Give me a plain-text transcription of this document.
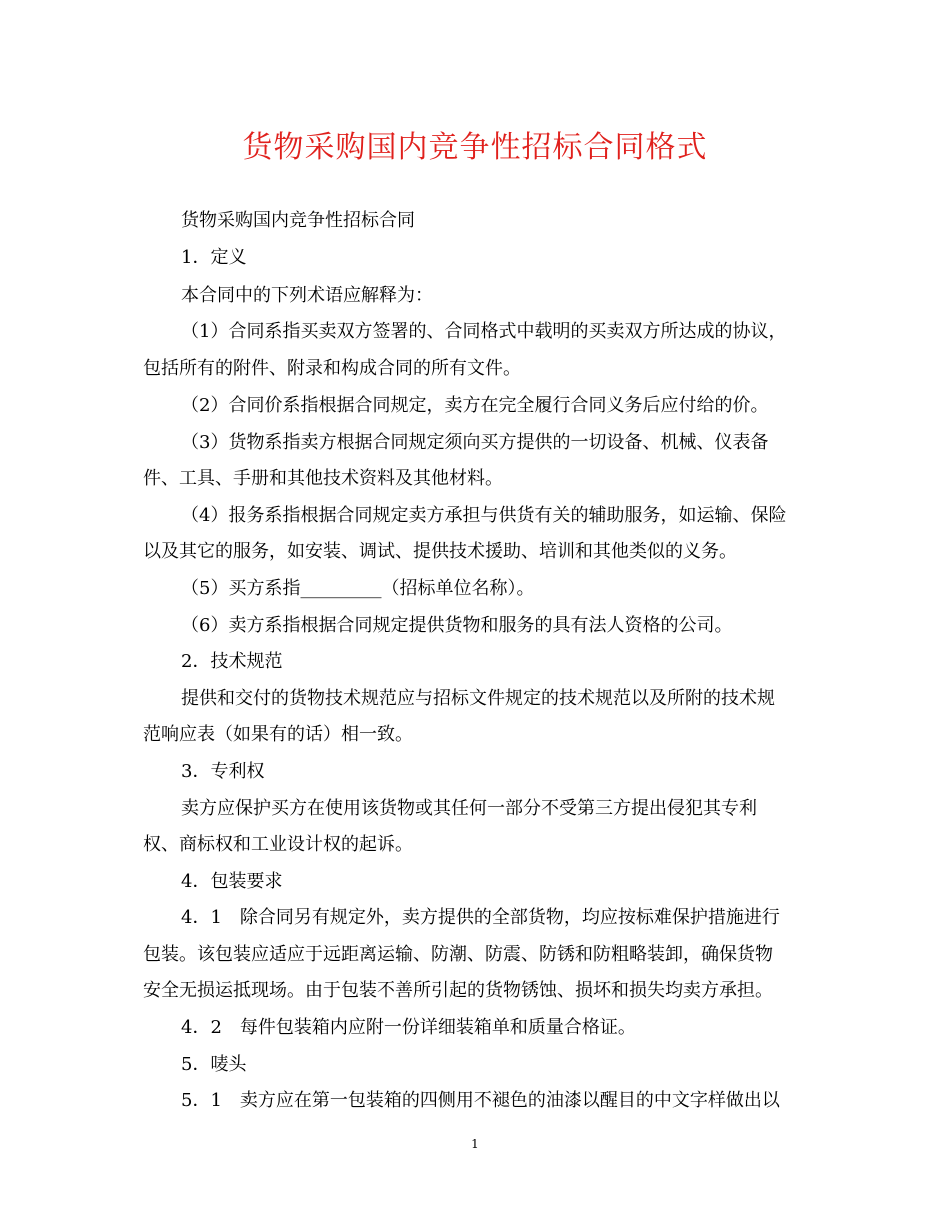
货物采购国内竞争性招标合同格式
货物采购国内竞争性招标合同
1．定义
本合同中的下列术语应解释为：
（1）合同系指买卖双方签署的、合同格式中载明的买卖双方所达成的协议，
包括所有的附件、附录和构成合同的所有文件。
（2）合同价系指根据合同规定，卖方在完全履行合同义务后应付给的价。
（3）货物系指卖方根据合同规定须向买方提供的一切设备、机械、仪表备
件、工具、手册和其他技术资料及其他材料。
（4）报务系指根据合同规定卖方承担与供货有关的辅助服务，如运输、保险
以及其它的服务，如安装、调试、提供技术援助、培训和其他类似的义务。
（5）买方系指_________（招标单位名称）。
（6）卖方系指根据合同规定提供货物和服务的具有法人资格的公司。
2．技术规范
提供和交付的货物技术规范应与招标文件规定的技术规范以及所附的技术规
范响应表（如果有的话）相一致。
3．专利权
卖方应保护买方在使用该货物或其任何一部分不受第三方提出侵犯其专利
权、商标权和工业设计权的起诉。
4．包装要求
4．1　除合同另有规定外，卖方提供的全部货物，均应按标难保护措施进行
包装。该包装应适应于远距离运输、防潮、防震、防锈和防粗略装卸，确保货物
安全无损运抵现场。由于包装不善所引起的货物锈蚀、损坏和损失均卖方承担。
4．2　每件包装箱内应附一份详细装箱单和质量合格证。
5．唛头
5．1　卖方应在第一包装箱的四侧用不褪色的油漆以醒目的中文字样做出以
1
